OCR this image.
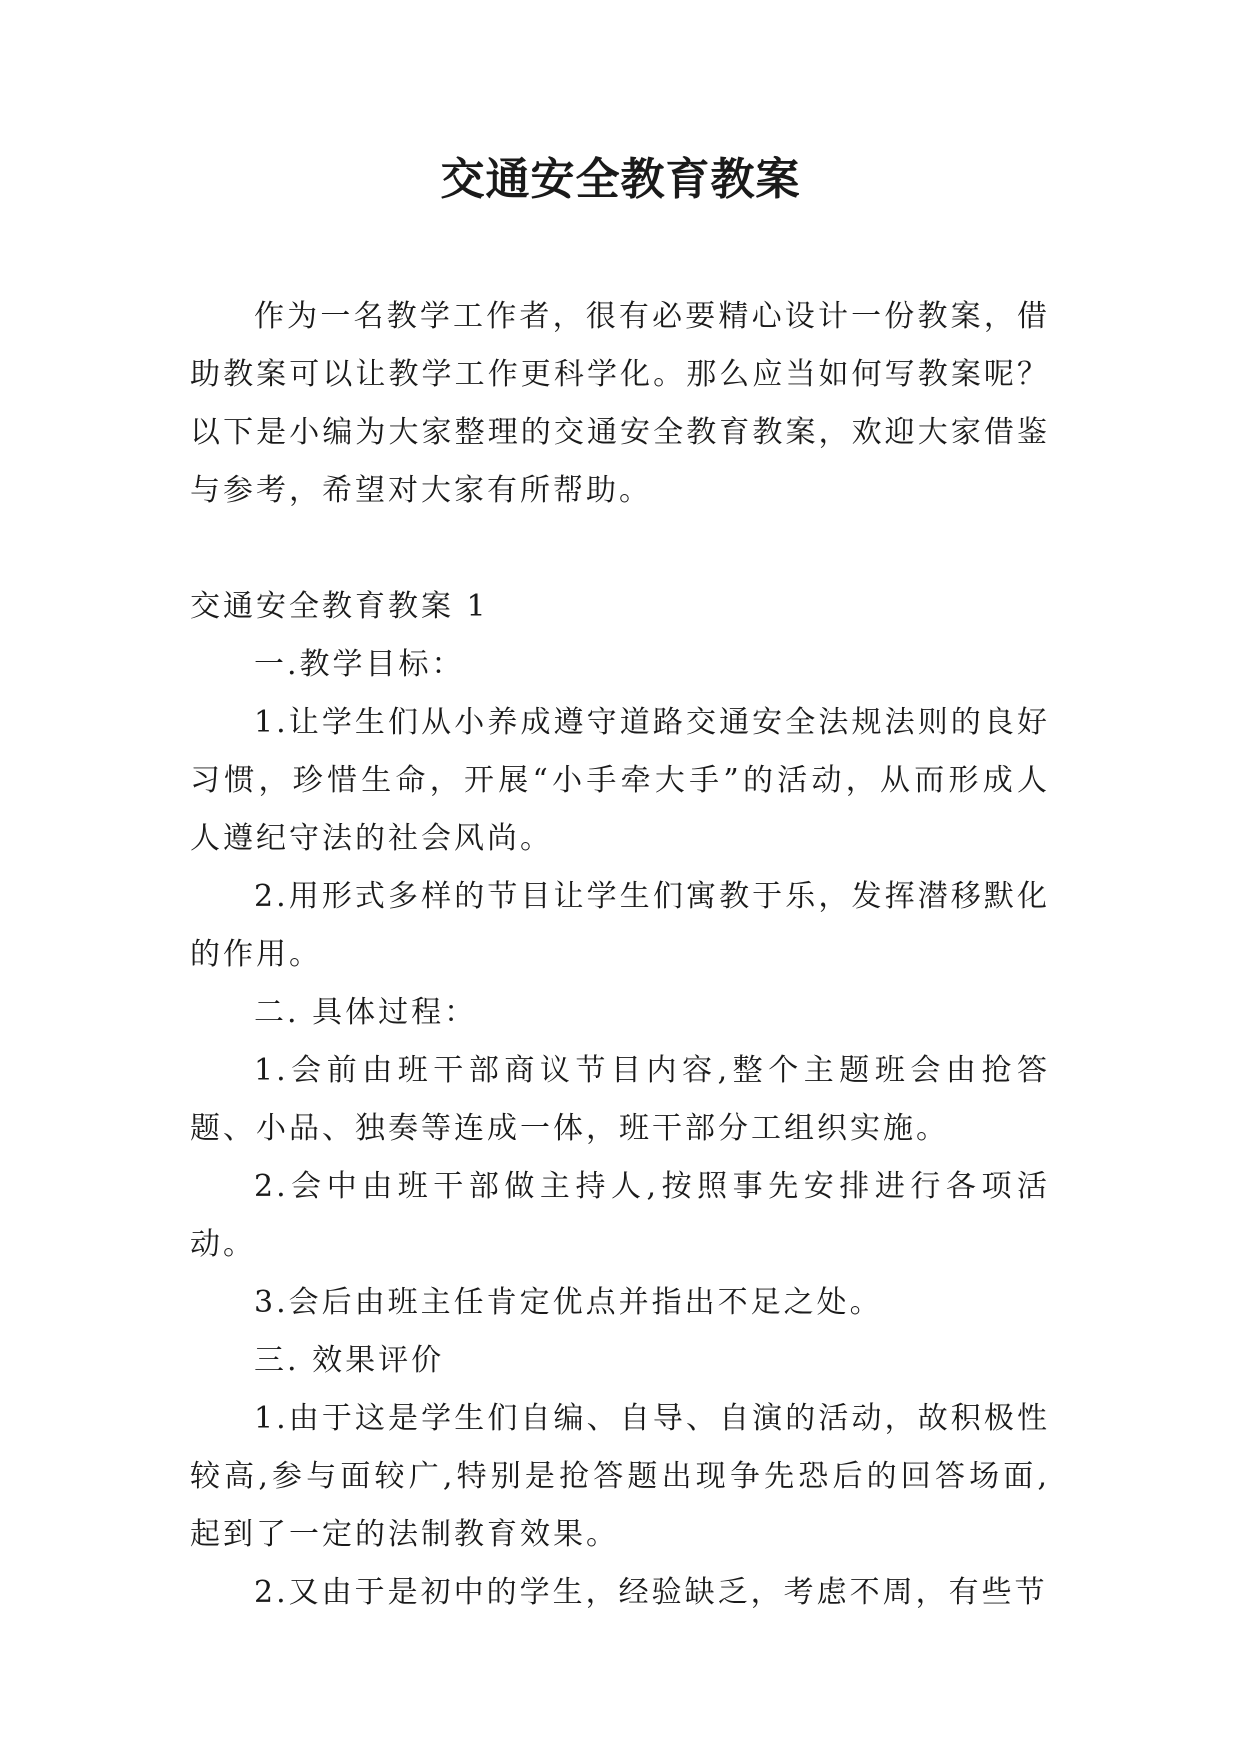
交通安全教育教案

作为一名教学工作者，很有必要精心设计一份教案，借助教案可以让教学工作更科学化。那么应当如何写教案呢？以下是小编为大家整理的交通安全教育教案，欢迎大家借鉴与参考，希望对大家有所帮助。

交通安全教育教案 1

一.教学目标：

1.让学生们从小养成遵守道路交通安全法规法则的良好习惯，珍惜生命，开展“小手牵大手”的活动，从而形成人人遵纪守法的社会风尚。

2.用形式多样的节目让学生们寓教于乐，发挥潜移默化的作用。

二. 具体过程：

1.会前由班干部商议节目内容,整个主题班会由抢答题、小品、独奏等连成一体，班干部分工组织实施。

2.会中由班干部做主持人,按照事先安排进行各项活动。

3.会后由班主任肯定优点并指出不足之处。

三. 效果评价

1.由于这是学生们自编、自导、自演的活动，故积极性较高,参与面较广,特别是抢答题出现争先恐后的回答场面,起到了一定的法制教育效果。

2.又由于是初中的学生，经验缺乏，考虑不周，有些节
